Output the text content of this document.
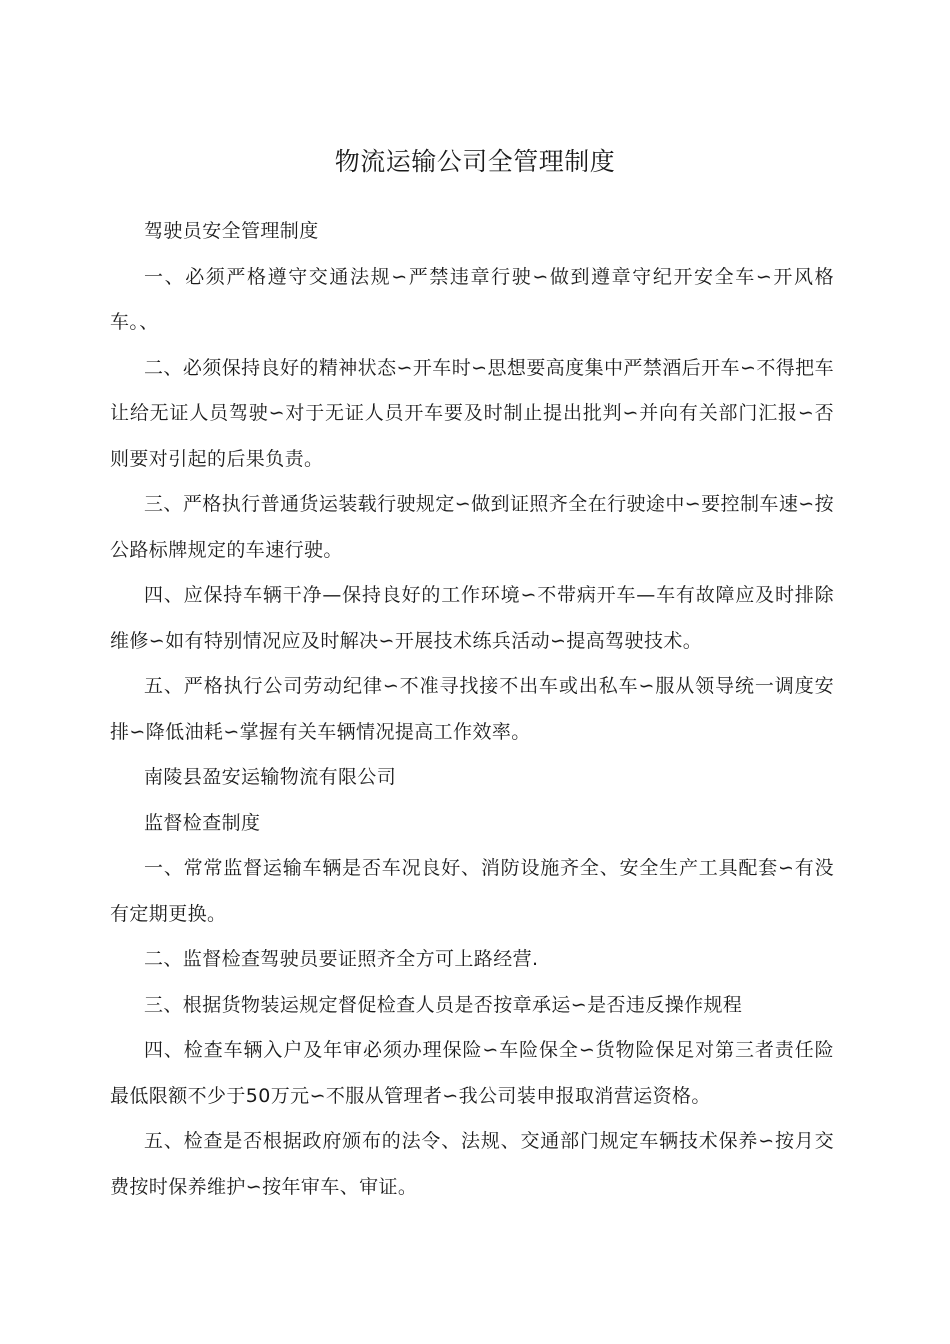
物流运输公司全管理制度

驾驶员安全管理制度

一、必须严格遵守交通法规∽严禁违章行驶∽做到遵章守纪开安全车∽开风格车。、

二、必须保持良好的精神状态∽开车时∽思想要高度集中严禁酒后开车∽不得把车让给无证人员驾驶∽对于无证人员开车要及时制止提出批判∽并向有关部门汇报∽否则要对引起的后果负责。

三、严格执行普通货运装载行驶规定∽做到证照齐全在行驶途中∽要控制车速∽按公路标牌规定的车速行驶。

四、应保持车辆干净—保持良好的工作环境∽不带病开车—车有故障应及时排除维修∽如有特别情况应及时解决∽开展技术练兵活动∽提高驾驶技术。

五、严格执行公司劳动纪律∽不准寻找接不出车或出私车∽服从领导统一调度安排∽降低油耗∽掌握有关车辆情况提高工作效率。

南陵县盈安运输物流有限公司

监督检查制度

一、常常监督运输车辆是否车况良好、消防设施齐全、安全生产工具配套∽有没有定期更换。

二、监督检查驾驶员要证照齐全方可上路经营.

三、根据货物装运规定督促检查人员是否按章承运∽是否违反操作规程

四、检查车辆入户及年审必须办理保险∽车险保全∽货物险保足对第三者责任险最低限额不少于50万元∽不服从管理者∽我公司装申报取消营运资格。

五、检查是否根据政府颁布的法令、法规、交通部门规定车辆技术保养∽按月交费按时保养维护∽按年审车、审证。
